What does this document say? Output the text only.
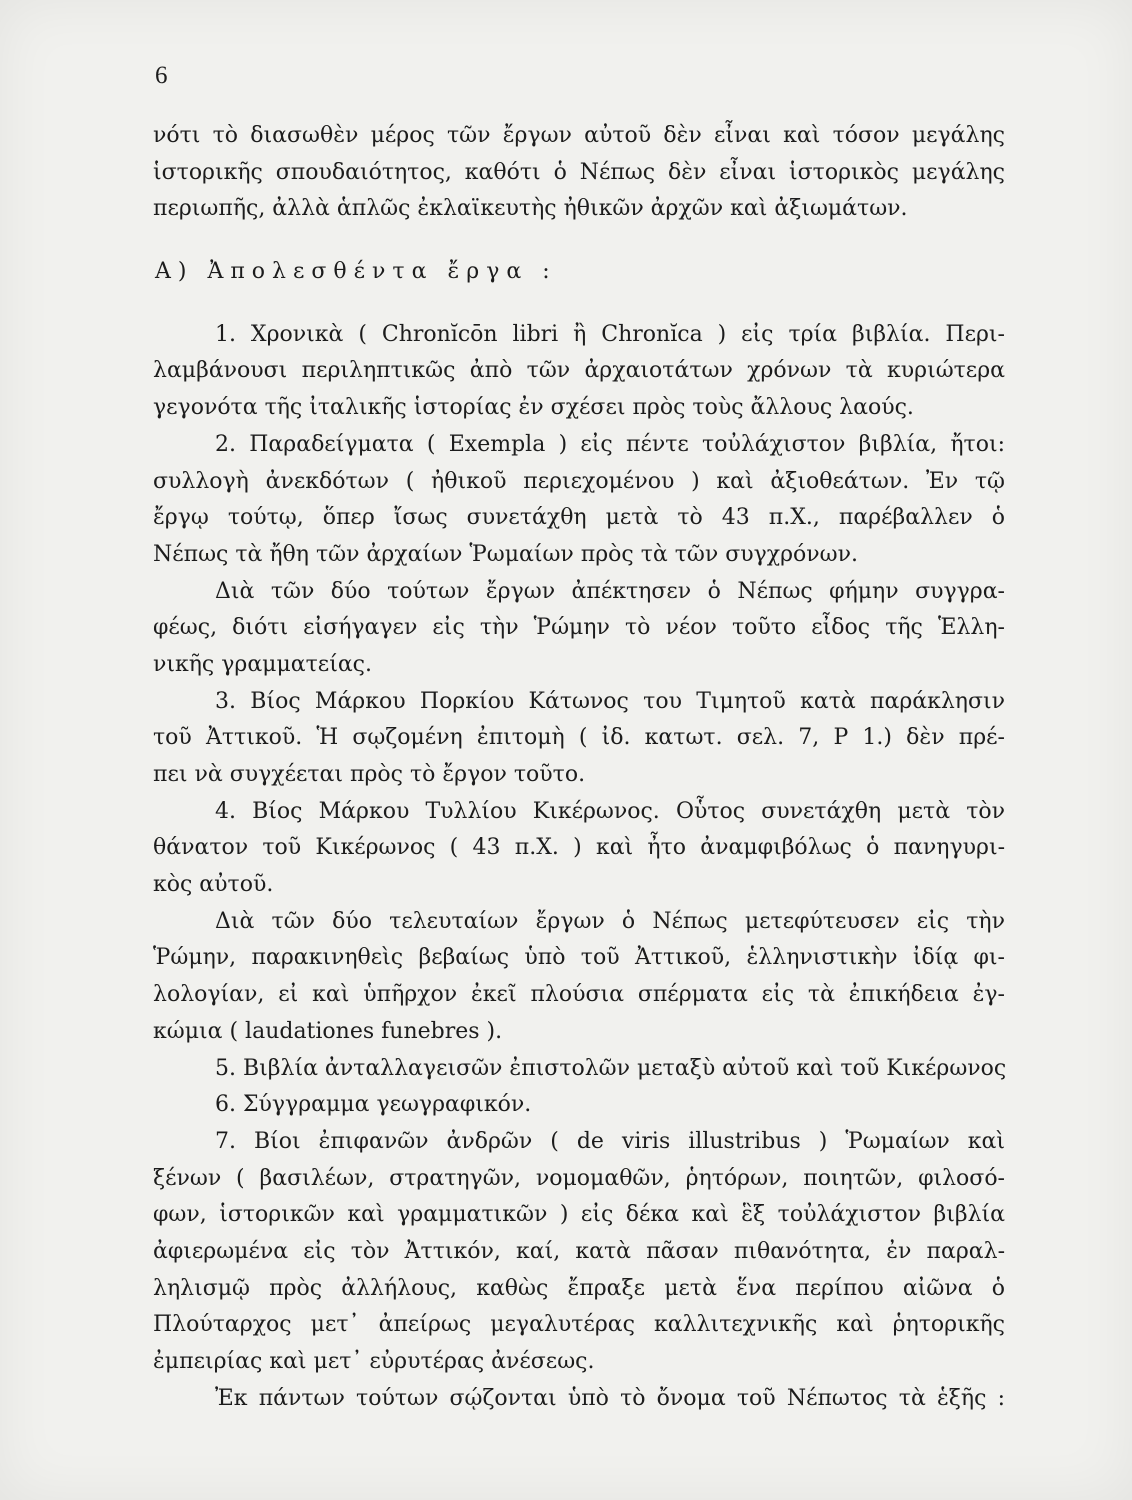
6
νότι τὸ διασωθὲν μέρος τῶν ἔργων αὐτοῦ δὲν εἶναι καὶ τόσον μεγάλης
ἱστορικῆς σπουδαιότητος, καθότι ὁ Νέπως δὲν εἶναι ἱστορικὸς μεγάλης
περιωπῆς, ἀλλὰ ἁπλῶς ἐκλαϊκευτὴς ἠθικῶν ἀρχῶν καὶ ἀξιωμάτων.
Α) Ἀπολεσθέντα ἔργα :
1. Χρονικὰ ( Chronĭcōn libri ἢ Chronĭca ) εἰς τρία βιβλία. Περι-
λαμβάνουσι περιληπτικῶς ἀπὸ τῶν ἀρχαιοτάτων χρόνων τὰ κυριώτερα
γεγονότα τῆς ἰταλικῆς ἱστορίας ἐν σχέσει πρὸς τοὺς ἄλλους λαούς.
2. Παραδείγματα ( Exempla ) εἰς πέντε τοὐλάχιστον βιβλία, ἤτοι:
συλλογὴ ἀνεκδότων ( ἠθικοῦ περιεχομένου ) καὶ ἀξιοθεάτων. Ἐν τῷ
ἔργῳ τούτῳ, ὅπερ ἴσως συνετάχθη μετὰ τὸ 43 π.Χ., παρέβαλλεν ὁ
Νέπως τὰ ἤθη τῶν ἀρχαίων Ῥωμαίων πρὸς τὰ τῶν συγχρόνων.
Διὰ τῶν δύο τούτων ἔργων ἀπέκτησεν ὁ Νέπως φήμην συγγρα-
φέως, διότι εἰσήγαγεν εἰς τὴν Ῥώμην τὸ νέον τοῦτο εἶδος τῆς Ἑλλη-
νικῆς γραμματείας.
3. Βίος Μάρκου Πορκίου Κάτωνος του Τιμητοῦ κατὰ παράκλησιν
τοῦ Ἀττικοῦ. Ἡ σῳζομένη ἐπιτομὴ ( ἰδ. κατωτ. σελ. 7, Ρ 1.) δὲν πρέ-
πει νὰ συγχέεται πρὸς τὸ ἔργον τοῦτο.
4. Βίος Μάρκου Τυλλίου Κικέρωνος. Οὗτος συνετάχθη μετὰ τὸν
θάνατον τοῦ Κικέρωνος ( 43 π.Χ. ) καὶ ἦτο ἀναμφιβόλως ὁ πανηγυρι-
κὸς αὐτοῦ.
Διὰ τῶν δύο τελευταίων ἔργων ὁ Νέπως μετεφύτευσεν εἰς τὴν
Ῥώμην, παρακινηθεὶς βεβαίως ὑπὸ τοῦ Ἀττικοῦ, ἑλληνιστικὴν ἰδίᾳ φι-
λολογίαν, εἰ καὶ ὑπῆρχον ἐκεῖ πλούσια σπέρματα εἰς τὰ ἐπικήδεια ἐγ-
κώμια ( laudationes funebres ).
5. Βιβλία ἀνταλλαγεισῶν ἐπιστολῶν μεταξὺ αὐτοῦ καὶ τοῦ Κικέρωνος
6. Σύγγραμμα γεωγραφικόν.
7. Βίοι ἐπιφανῶν ἀνδρῶν ( de viris illustribus ) Ῥωμαίων καὶ
ξένων ( βασιλέων, στρατηγῶν, νομομαθῶν, ῥητόρων, ποιητῶν, φιλοσό-
φων, ἱστορικῶν καὶ γραμματικῶν ) εἰς δέκα καὶ ἓξ τοὐλάχιστον βιβλία
ἀφιερωμένα εἰς τὸν Ἀττικόν, καί, κατὰ πᾶσαν πιθανότητα, ἐν παραλ-
ληλισμῷ πρὸς ἀλλήλους, καθὼς ἔπραξε μετὰ ἕνα περίπου αἰῶνα ὁ
Πλούταρχος μετ᾽ ἀπείρως μεγαλυτέρας καλλιτεχνικῆς καὶ ῥητορικῆς
ἐμπειρίας καὶ μετ᾽ εὐρυτέρας ἀνέσεως.
Ἐκ πάντων τούτων σῴζονται ὑπὸ τὸ ὄνομα τοῦ Νέπωτος τὰ ἑξῆς :
